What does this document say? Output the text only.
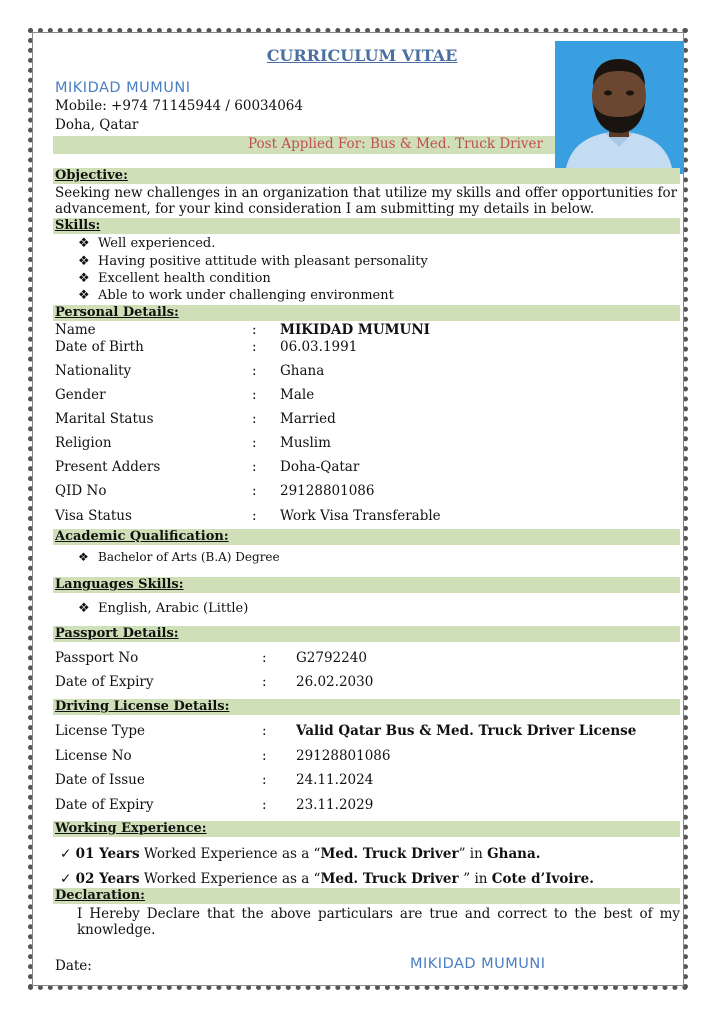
CURRICULUM VITAE
MIKIDAD MUMUNI
Mobile: +974 71145944 / 60034064
Doha, Qatar
Post Applied For: Bus & Med. Truck Driver
Objective:
Seeking new challenges in an organization that utilize my skills and offer opportunities for advancement, for your kind consideration I am submitting my details in below.
Skills:
❖ Well experienced.
❖ Having positive attitude with pleasant personality
❖ Excellent health condition
❖ Able to work under challenging environment
Personal Details:
Name	: MIKIDAD MUMUNI
Date of Birth	: 06.03.1991
Nationality	: Ghana
Gender	: Male
Marital Status	: Married
Religion	: Muslim
Present Adders	: Doha-Qatar
QID No	: 29128801086
Visa Status	: Work Visa Transferable
Academic Qualification:
❖ Bachelor of Arts (B.A) Degree
Languages Skills:
❖ English, Arabic (Little)
Passport Details:
Passport No	: G2792240
Date of Expiry	: 26.02.2030
Driving License Details:
License Type	: Valid Qatar Bus & Med. Truck Driver License
License No	: 29128801086
Date of Issue	: 24.11.2024
Date of Expiry	: 23.11.2029
Working Experience:
✓ 01 Years Worked Experience as a “Med. Truck Driver” in Ghana.
✓ 02 Years Worked Experience as a “Med. Truck Driver ” in Cote d’Ivoire.
Declaration:
I Hereby Declare that the above particulars are true and correct to the best of my knowledge.
Date:	MIKIDAD MUMUNI
